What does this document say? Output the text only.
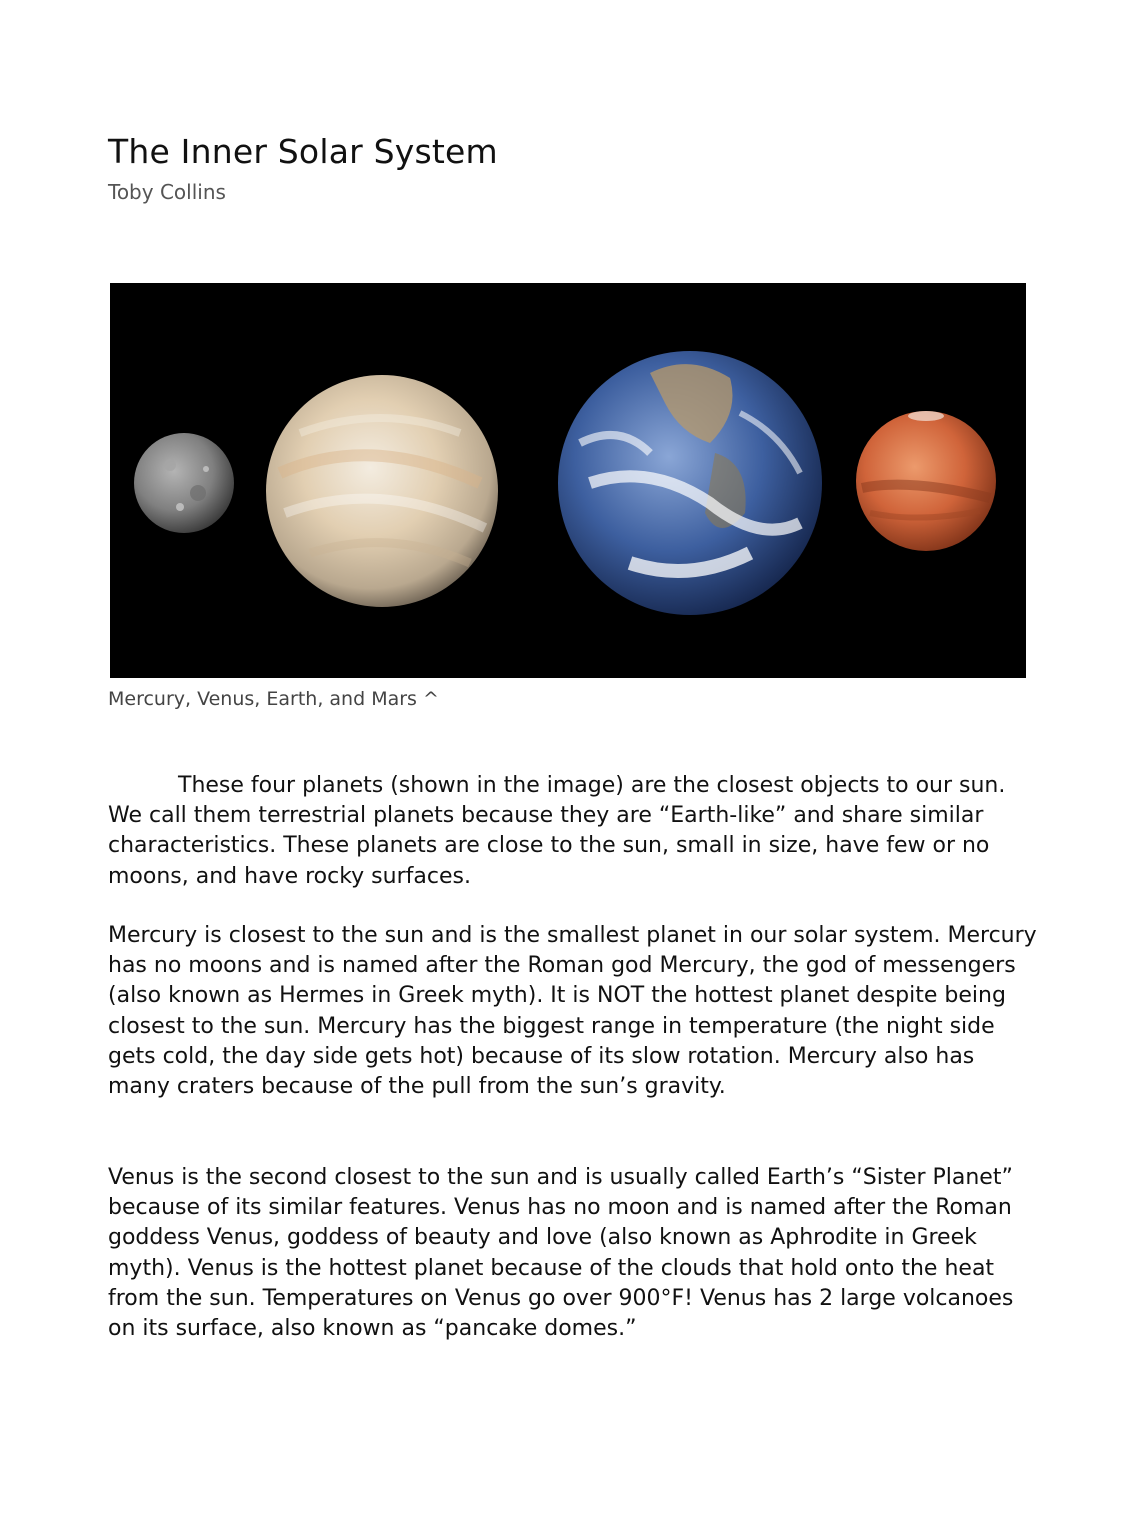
The Inner Solar System
Toby Collins
Mercury, Venus, Earth, and Mars ^

These four planets (shown in the image) are the closest objects to our sun. We call them terrestrial planets because they are “Earth-like” and share similar characteristics. These planets are close to the sun, small in size, have few or no moons, and have rocky surfaces.

Mercury is closest to the sun and is the smallest planet in our solar system. Mercury has no moons and is named after the Roman god Mercury, the god of messengers (also known as Hermes in Greek myth). It is NOT the hottest planet despite being closest to the sun. Mercury has the biggest range in temperature (the night side gets cold, the day side gets hot) because of its slow rotation. Mercury also has many craters because of the pull from the sun’s gravity.

Venus is the second closest to the sun and is usually called Earth’s “Sister Planet” because of its similar features. Venus has no moon and is named after the Roman goddess Venus, goddess of beauty and love (also known as Aphrodite in Greek myth). Venus is the hottest planet because of the clouds that hold onto the heat from the sun. Temperatures on Venus go over 900°F! Venus has 2 large volcanoes on its surface, also known as “pancake domes.”
